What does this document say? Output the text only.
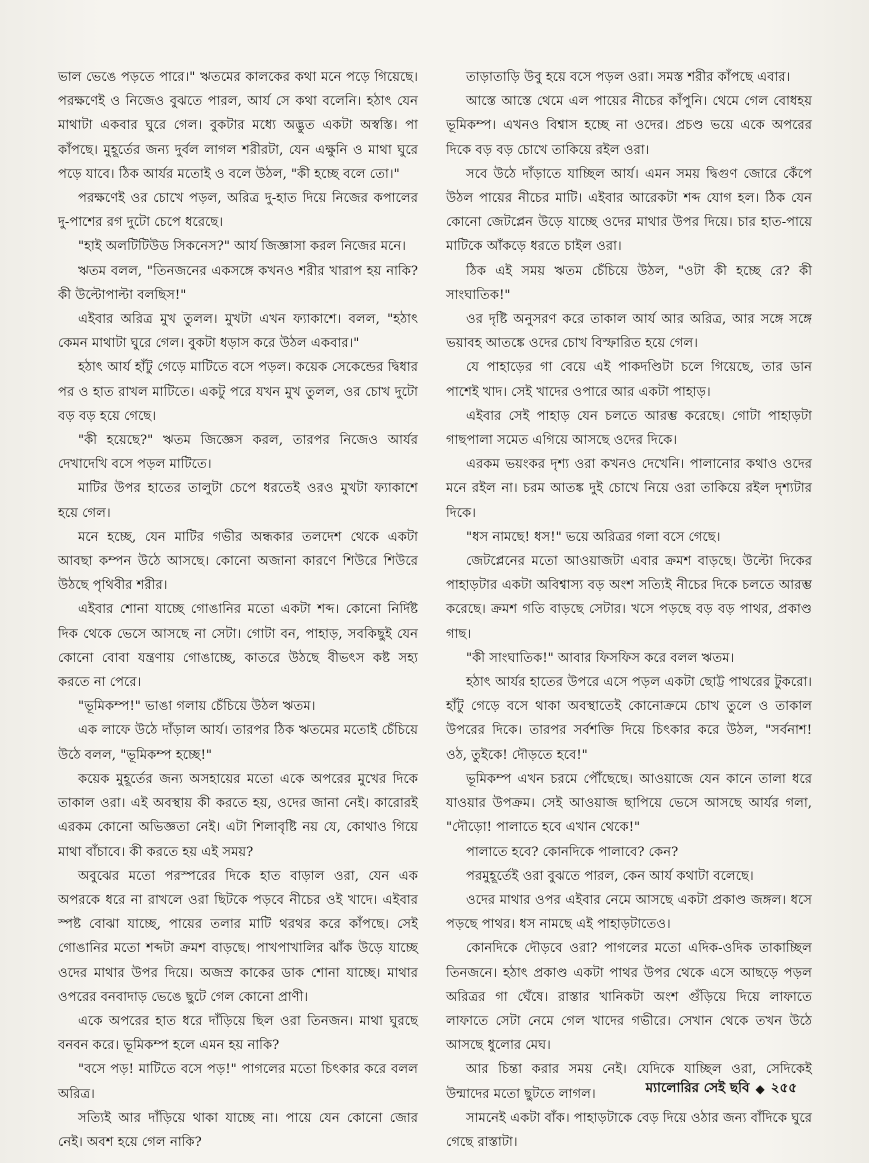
ভাল ভেঙে পড়তে পারে।" ঋতমের কালকের কথা মনে পড়ে গিয়েছে। পরক্ষণেই ও নিজেও বুঝতে পারল, আর্য সে কথা বলেনি। হঠাৎ যেন মাথাটা একবার ঘুরে গেল। বুকটার মধ্যে অদ্ভুত একটা অস্বস্তি। পা কাঁপছে। মুহূর্তের জন্য দুর্বল লাগল শরীরটা, যেন এক্ষুনি ও মাথা ঘুরে পড়ে যাবে। ঠিক আর্যর মতোই ও বলে উঠল, "কী হচ্ছে বলে তো।"

পরক্ষণেই ওর চোখে পড়ল, অরিত্র দু-হাত দিয়ে নিজের কপালের দু-পাশের রগ দুটো চেপে ধরেছে।

"হাই অলটিটিউড সিকনেস?" আর্য জিজ্ঞাসা করল নিজের মনে।

ঋতম বলল, "তিনজনের একসঙ্গে কখনও শরীর খারাপ হয় নাকি? কী উল্টোপাল্টা বলছিস!"

এইবার অরিত্র মুখ তুলল। মুখটা এখন ফ্যাকাশে। বলল, "হঠাৎ কেমন মাথাটা ঘুরে গেল। বুকটা ধড়াস করে উঠল একবার।"

হঠাৎ আর্য হাঁটু গেড়ে মাটিতে বসে পড়ল। কয়েক সেকেন্ডের দ্বিধার পর ও হাত রাখল মাটিতে। একটু পরে যখন মুখ তুলল, ওর চোখ দুটো বড় বড় হয়ে গেছে।

"কী হয়েছে?" ঋতম জিজ্ঞেস করল, তারপর নিজেও আর্যর দেখাদেখি বসে পড়ল মাটিতে।

মাটির উপর হাতের তালুটা চেপে ধরতেই ওরও মুখটা ফ্যাকাশে হয়ে গেল।

মনে হচ্ছে, যেন মাটির গভীর অন্ধকার তলদেশ থেকে একটা আবছা কম্পন উঠে আসছে। কোনো অজানা কারণে শিউরে শিউরে উঠছে পৃথিবীর শরীর।

এইবার শোনা যাচ্ছে গোঙানির মতো একটা শব্দ। কোনো নির্দিষ্ট দিক থেকে ভেসে আসছে না সেটা। গোটা বন, পাহাড়, সবকিছুই যেন কোনো বোবা যন্ত্রণায় গোঙাচ্ছে, কাতরে উঠছে বীভৎস কষ্ট সহ্য করতে না পেরে।

"ভূমিকম্প!" ভাঙা গলায় চেঁচিয়ে উঠল ঋতম।

এক লাফে উঠে দাঁড়াল আর্য। তারপর ঠিক ঋতমের মতোই চেঁচিয়ে উঠে বলল, "ভূমিকম্প হচ্ছে!"

কয়েক মুহূর্তের জন্য অসহায়ের মতো একে অপরের মুখের দিকে তাকাল ওরা। এই অবস্থায় কী করতে হয়, ওদের জানা নেই। কারোরই এরকম কোনো অভিজ্ঞতা নেই। এটা শিলাবৃষ্টি নয় যে, কোথাও গিয়ে মাথা বাঁচাবে। কী করতে হয় এই সময়?

অবুঝের মতো পরস্পরের দিকে হাত বাড়াল ওরা, যেন এক অপরকে ধরে না রাখলে ওরা ছিটকে পড়বে নীচের ওই খাদে। এইবার স্পষ্ট বোঝা যাচ্ছে, পায়ের তলার মাটি থরথর করে কাঁপছে। সেই গোঙানির মতো শব্দটা ক্রমশ বাড়ছে। পাখপাখালির ঝাঁক উড়ে যাচ্ছে ওদের মাথার উপর দিয়ে। অজস্র কাকের ডাক শোনা যাচ্ছে। মাথার ওপরের বনবাদাড় ভেঙে ছুটে গেল কোনো প্রাণী।

একে অপরের হাত ধরে দাঁড়িয়ে ছিল ওরা তিনজন। মাথা ঘুরছে বনবন করে। ভূমিকম্প হলে এমন হয় নাকি?

"বসে পড়! মাটিতে বসে পড়!" পাগলের মতো চিৎকার করে বলল অরিত্র।

সত্যিই আর দাঁড়িয়ে থাকা যাচ্ছে না। পায়ে যেন কোনো জোর নেই। অবশ হয়ে গেল নাকি?

তাড়াতাড়ি উবু হয়ে বসে পড়ল ওরা। সমস্ত শরীর কাঁপছে এবার।

আস্তে আস্তে থেমে এল পায়ের নীচের কাঁপুনি। থেমে গেল বোধহয় ভূমিকম্প। এখনও বিশ্বাস হচ্ছে না ওদের। প্রচণ্ড ভয়ে একে অপরের দিকে বড় বড় চোখে তাকিয়ে রইল ওরা।

সবে উঠে দাঁড়াতে যাচ্ছিল আর্য। এমন সময় দ্বিগুণ জোরে কেঁপে উঠল পায়ের নীচের মাটি। এইবার আরেকটা শব্দ যোগ হল। ঠিক যেন কোনো জেটপ্লেন উড়ে যাচ্ছে ওদের মাথার উপর দিয়ে। চার হাত-পায়ে মাটিকে আঁকড়ে ধরতে চাইল ওরা।

ঠিক এই সময় ঋতম চেঁচিয়ে উঠল, "ওটা কী হচ্ছে রে? কী সাংঘাতিক!"

ওর দৃষ্টি অনুসরণ করে তাকাল আর্য আর অরিত্র, আর সঙ্গে সঙ্গে ভয়াবহ আতঙ্কে ওদের চোখ বিস্ফারিত হয়ে গেল।

যে পাহাড়ের গা বেয়ে এই পাকদণ্ডিটা চলে গিয়েছে, তার ডান পাশেই খাদ। সেই খাদের ওপারে আর একটা পাহাড়।

এইবার সেই পাহাড় যেন চলতে আরম্ভ করেছে। গোটা পাহাড়টা গাছপালা সমেত এগিয়ে আসছে ওদের দিকে।

এরকম ভয়ংকর দৃশ্য ওরা কখনও দেখেনি। পালানোর কথাও ওদের মনে রইল না। চরম আতঙ্ক দুই চোখে নিয়ে ওরা তাকিয়ে রইল দৃশ্যটার দিকে।

"ধস নামছে! ধস!" ভয়ে অরিত্রর গলা বসে গেছে।

জেটপ্লেনের মতো আওয়াজটা এবার ক্রমশ বাড়ছে। উল্টো দিকের পাহাড়টার একটা অবিশ্বাস্য বড় অংশ সত্যিই নীচের দিকে চলতে আরম্ভ করেছে। ক্রমশ গতি বাড়ছে সেটার। খসে পড়ছে বড় বড় পাথর, প্রকাণ্ড গাছ।

"কী সাংঘাতিক!" আবার ফিসফিস করে বলল ঋতম।

হঠাৎ আর্যর হাতের উপরে এসে পড়ল একটা ছোট্ট পাথরের টুকরো। হাঁটু গেড়ে বসে থাকা অবস্থাতেই কোনোক্রমে চোখ তুলে ও তাকাল উপরের দিকে। তারপর সর্বশক্তি দিয়ে চিৎকার করে উঠল, "সর্বনাশ! ওঠ, তুইকে! দৌড়তে হবে!"

ভূমিকম্প এখন চরমে পৌঁছেছে। আওয়াজে যেন কানে তালা ধরে যাওয়ার উপক্রম। সেই আওয়াজ ছাপিয়ে ভেসে আসছে আর্যর গলা, "দৌড়ো! পালাতে হবে এখান থেকে!"

পালাতে হবে? কোনদিকে পালাবে? কেন?

পরমুহূর্তেই ওরা বুঝতে পারল, কেন আর্য কথাটা বলেছে।

ওদের মাথার ওপর এইবার নেমে আসছে একটা প্রকাণ্ড জঙ্গল। ধসে পড়ছে পাথর। ধস নামছে এই পাহাড়টাতেও।

কোনদিকে দৌড়বে ওরা? পাগলের মতো এদিক-ওদিক তাকাচ্ছিল তিনজনে। হঠাৎ প্রকাণ্ড একটা পাথর উপর থেকে এসে আছড়ে পড়ল অরিত্রর গা ঘেঁষে। রাস্তার খানিকটা অংশ গুঁড়িয়ে দিয়ে লাফাতে লাফাতে সেটা নেমে গেল খাদের গভীরে। সেখান থেকে তখন উঠে আসছে ধুলোর মেঘ।

আর চিন্তা করার সময় নেই। যেদিকে যাচ্ছিল ওরা, সেদিকেই উন্মাদের মতো ছুটতে লাগল।

সামনেই একটা বাঁক। পাহাড়টাকে বেড় দিয়ে ওঠার জন্য বাঁদিকে ঘুরে গেছে রাস্তাটা।

ম্যালোরির সেই ছবি ◆ ২৫৫
